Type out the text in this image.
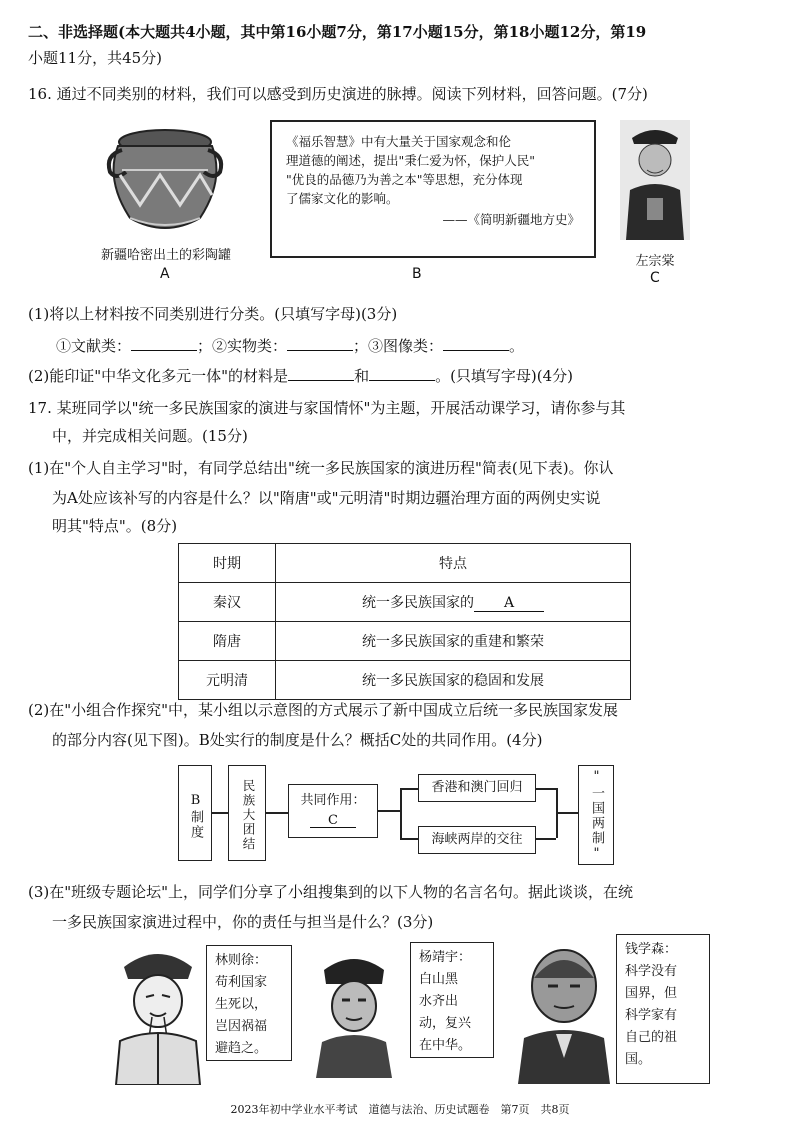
二、非选择题(本大题共4小题，其中第16小题7分，第17小题15分，第18小题12分，第19
小题11分，共45分)
16. 通过不同类别的材料，我们可以感受到历史演进的脉搏。阅读下列材料，回答问题。(7分)
新疆哈密出土的彩陶罐
A
《福乐智慧》中有大量关于国家观念和伦
理道德的阐述，提出"秉仁爱为怀，保护人民"
"优良的品德乃为善之本"等思想，充分体现
了儒家文化的影响。
——《简明新疆地方史》
B
左宗棠
C
(1)将以上材料按不同类别进行分类。(只填写字母)(3分)
①文献类：	；②实物类：	；③图像类：	。
(2)能印证"中华文化多元一体"的材料是	和	。(只填写字母)(4分)
17. 某班同学以"统一多民族国家的演进与家国情怀"为主题，开展活动课学习，请你参与其
中，并完成相关问题。(15分)
(1)在"个人自主学习"时，有同学总结出"统一多民族国家的演进历程"简表(见下表)。你认
为A处应该补写的内容是什么？以"隋唐"或"元明清"时期边疆治理方面的两例史实说
明其"特点"。(8分)
时期	特点
秦汉	统一多民族国家的 A
隋唐	统一多民族国家的重建和繁荣
元明清	统一多民族国家的稳固和发展
(2)在"小组合作探究"中，某小组以示意图的方式展示了新中国成立后统一多民族国家发展
的部分内容(见下图)。B处实行的制度是什么？概括C处的共同作用。(4分)
B制度	民族大团结	共同作用：
C
香港和澳门回归
海峡两岸的交往	"一国两制"
(3)在"班级专题论坛"上，同学们分享了小组搜集到的以下人物的名言名句。据此谈谈，在统
一多民族国家演进过程中，你的责任与担当是什么？(3分)
林则徐：
苟利国家
生死以，
岂因祸福
避趋之。
杨靖宇：
白山黑
水齐出
动，复兴
在中华。
钱学森：
科学没有
国界，但
科学家有
自己的祖
国。
2023年初中学业水平考试　道德与法治、历史试题卷　第7页　共8页
